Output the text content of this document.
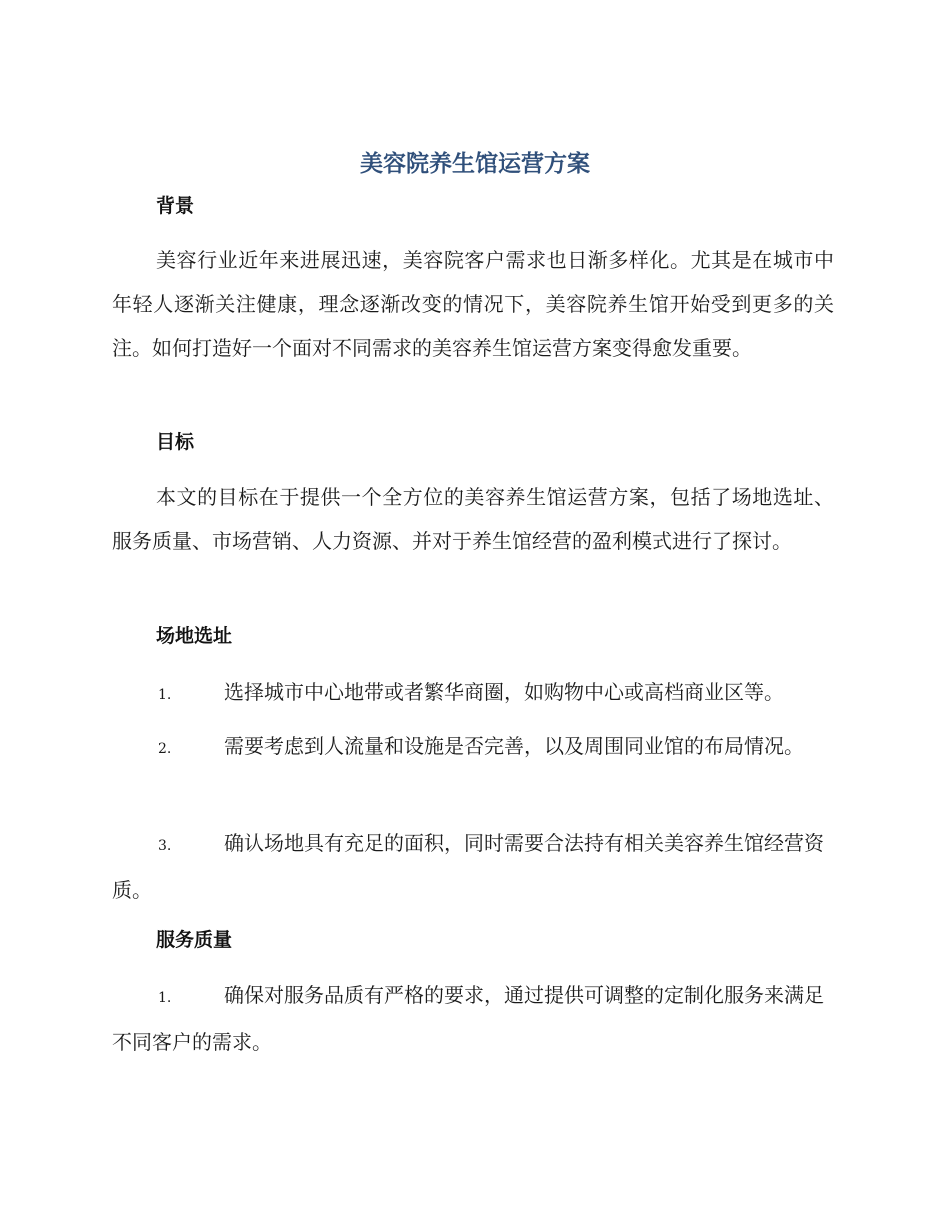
美容院养生馆运营方案
背景
美容行业近年来进展迅速，美容院客户需求也日渐多样化。尤其是在城市中年轻人逐渐关注健康，理念逐渐改变的情况下，美容院养生馆开始受到更多的关注。如何打造好一个面对不同需求的美容养生馆运营方案变得愈发重要。
目标
本文的目标在于提供一个全方位的美容养生馆运营方案，包括了场地选址、服务质量、市场营销、人力资源、并对于养生馆经营的盈利模式进行了探讨。
场地选址
1.	选择城市中心地带或者繁华商圈，如购物中心或高档商业区等。
2.	需要考虑到人流量和设施是否完善，以及周围同业馆的布局情况。
3.	确认场地具有充足的面积，同时需要合法持有相关美容养生馆经营资质。
服务质量
1.	确保对服务品质有严格的要求，通过提供可调整的定制化服务来满足不同客户的需求。
